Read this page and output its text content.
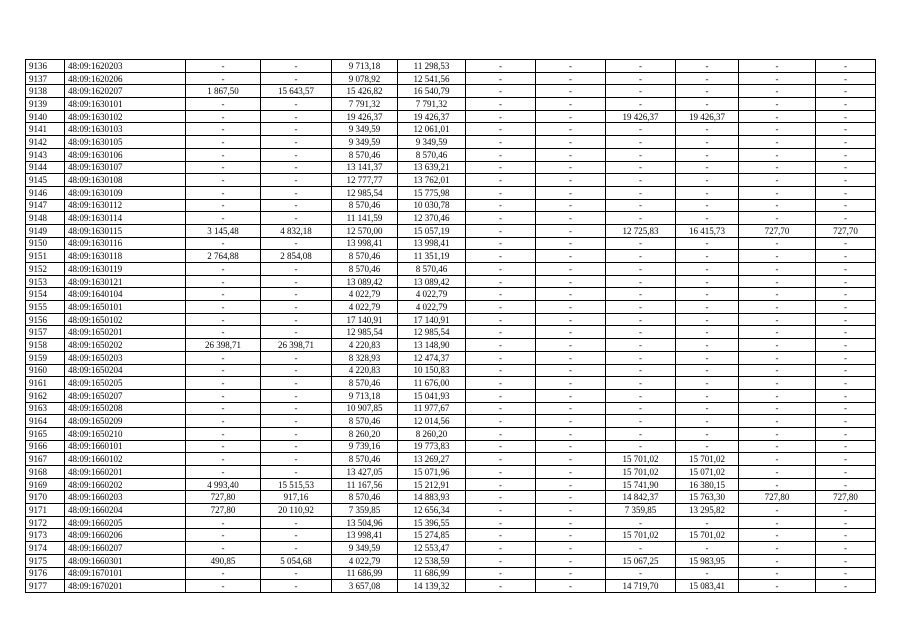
9136	48:09:1620203	-	-	9 713,18	11 298,53	-	-	-	-	-	-
9137	48:09:1620206	-	-	9 078,92	12 541,56	-	-	-	-	-	-
9138	48:09:1620207	1 867,50	15 643,57	15 426,82	16 540,79	-	-	-	-	-	-
9139	48:09:1630101	-	-	7 791,32	7 791,32	-	-	-	-	-	-
9140	48:09:1630102	-	-	19 426,37	19 426,37	-	-	19 426,37	19 426,37	-	-
9141	48:09:1630103	-	-	9 349,59	12 061,01	-	-	-	-	-	-
9142	48:09:1630105	-	-	9 349,59	9 349,59	-	-	-	-	-	-
9143	48:09:1630106	-	-	8 570,46	8 570,46	-	-	-	-	-	-
9144	48:09:1630107	-	-	13 141,37	13 639,21	-	-	-	-	-	-
9145	48:09:1630108	-	-	12 777,77	13 762,01	-	-	-	-	-	-
9146	48:09:1630109	-	-	12 985,54	15 775,98	-	-	-	-	-	-
9147	48:09:1630112	-	-	8 570,46	10 030,78	-	-	-	-	-	-
9148	48:09:1630114	-	-	11 141,59	12 370,46	-	-	-	-	-	-
9149	48:09:1630115	3 145,48	4 832,18	12 570,00	15 057,19	-	-	12 725,83	16 415,73	727,70	727,70
9150	48:09:1630116	-	-	13 998,41	13 998,41	-	-	-	-	-	-
9151	48:09:1630118	2 764,88	2 854,08	8 570,46	11 351,19	-	-	-	-	-	-
9152	48:09:1630119	-	-	8 570,46	8 570,46	-	-	-	-	-	-
9153	48:09:1630121	-	-	13 089,42	13 089,42	-	-	-	-	-	-
9154	48:09:1640104	-	-	4 022,79	4 022,79	-	-	-	-	-	-
9155	48:09:1650101	-	-	4 022,79	4 022,79	-	-	-	-	-	-
9156	48:09:1650102	-	-	17 140,91	17 140,91	-	-	-	-	-	-
9157	48:09:1650201	-	-	12 985,54	12 985,54	-	-	-	-	-	-
9158	48:09:1650202	26 398,71	26 398,71	4 220,83	13 148,90	-	-	-	-	-	-
9159	48:09:1650203	-	-	8 328,93	12 474,37	-	-	-	-	-	-
9160	48:09:1650204	-	-	4 220,83	10 150,83	-	-	-	-	-	-
9161	48:09:1650205	-	-	8 570,46	11 676,00	-	-	-	-	-	-
9162	48:09:1650207	-	-	9 713,18	15 041,93	-	-	-	-	-	-
9163	48:09:1650208	-	-	10 907,85	11 977,67	-	-	-	-	-	-
9164	48:09:1650209	-	-	8 570,46	12 014,56	-	-	-	-	-	-
9165	48:09:1650210	-	-	8 260,20	8 260,20	-	-	-	-	-	-
9166	48:09:1660101	-	-	9 739,16	19 773,83	-	-	-	-	-	-
9167	48:09:1660102	-	-	8 570,46	13 269,27	-	-	15 701,02	15 701,02	-	-
9168	48:09:1660201	-	-	13 427,05	15 071,96	-	-	15 701,02	15 071,02	-	-
9169	48:09:1660202	4 993,40	15 515,53	11 167,56	15 212,91	-	-	15 741,90	16 380,15	-	-
9170	48:09:1660203	727,80	917,16	8 570,46	14 883,93	-	-	14 842,37	15 763,30	727,80	727,80
9171	48:09:1660204	727,80	20 110,92	7 359,85	12 656,34	-	-	7 359,85	13 295,82	-	-
9172	48:09:1660205	-	-	13 504,96	15 396,55	-	-	-	-	-	-
9173	48:09:1660206	-	-	13 998,41	15 274,85	-	-	15 701,02	15 701,02	-	-
9174	48:09:1660207	-	-	9 349,59	12 553,47	-	-	-	-	-	-
9175	48:09:1660301	490,85	5 054,68	4 022,79	12 538,59	-	-	15 067,25	15 983,95	-	-
9176	48:09:1670101	-	-	11 686,99	11 686,99	-	-	-	-	-	-
9177	48:09:1670201	-	-	3 657,08	14 139,32	-	-	14 719,70	15 083,41	-	-
